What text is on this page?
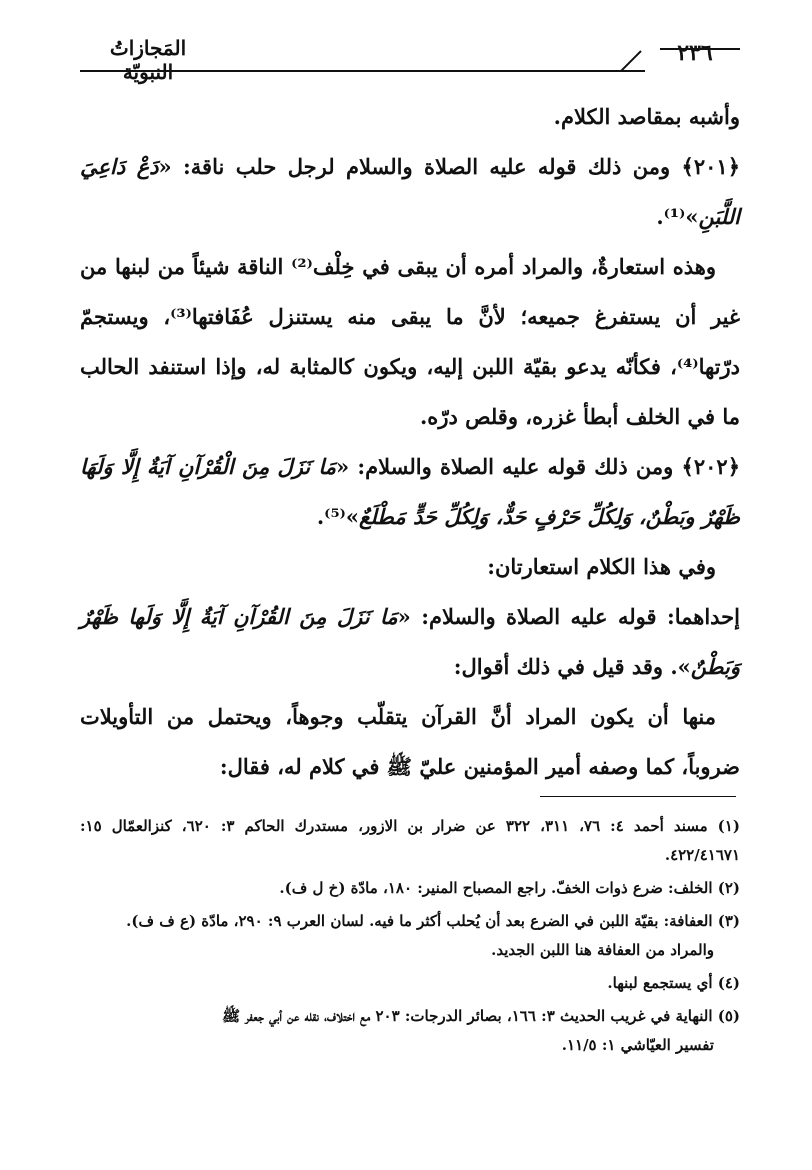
المَجازاتُ النبويّة
٢٣٦

وأشبه بمقاصد الكلام.

﴿٢٠١﴾ ومن ذلك قوله عليه الصلاة والسلام لرجل حلب ناقة: «دَعْ دَاعِيَ اللَّبَنِ»⁽¹⁾.

وهذه استعارةٌ، والمراد أمره أن يبقى في خِلْف⁽²⁾ الناقة شيئاً من لبنها من غير أن يستفرغ جميعه؛ لأنَّ ما يبقى منه يستنزل عُفَافتها⁽³⁾، ويستجمّ درّتها⁽⁴⁾، فكأنّه يدعو بقيّة اللبن إليه، ويكون كالمثابة له، وإذا استنفد الحالب ما في الخلف أبطأ غزره، وقلص درّه.

﴿٢٠٢﴾ ومن ذلك قوله عليه الصلاة والسلام: «مَا نَزَلَ مِنَ الْقُرْآنِ آيَةٌ إِلَّا وَلَهَا ظَهْرٌ وبَطْنٌ، وَلِكُلِّ حَرْفٍ حَدٌّ، وَلِكُلِّ حَدٍّ مَطْلَعٌ»⁽⁵⁾.

وفي هذا الكلام استعارتان:

إحداهما: قوله عليه الصلاة والسلام: «مَا نَزَلَ مِنَ القُرْآنِ آيَةٌ إِلَّا وَلَها ظَهْرٌ وَبَطْنٌ». وقد قيل في ذلك أقوال:

منها أن يكون المراد أنَّ القرآن يتقلّب وجوهاً، ويحتمل من التأويلات ضروباً، كما وصفه أمير المؤمنين عليّ ﷺ في كلام له، فقال:

(١) مسند أحمد ٤: ٧٦، ٣١١، ٣٢٢ عن ضرار بن الازور، مستدرك الحاكم ٣: ٦٢٠، كنزالعمّال ١٥: ٤٢٢/٤١٦٧١.

(٢) الخلف: ضرع ذوات الخفّ. راجع المصباح المنير: ١٨٠، مادّة (خ ل ف).

(٣) العفافة: بقيّة اللبن في الضرع بعد أن يُحلب أكثر ما فيه. لسان العرب ٩: ٢٩٠، مادّة (ع ف ف).
والمراد من العفافة هنا اللبن الجديد.

(٤) أي يستجمع لبنها.

(٥) النهاية في غريب الحديث ٣: ١٦٦، بصائر الدرجات: ٢٠٣ مع اختلاف، نقله عن أبي جعفر ﷺ
تفسير العيّاشي ١: ١١/٥.
